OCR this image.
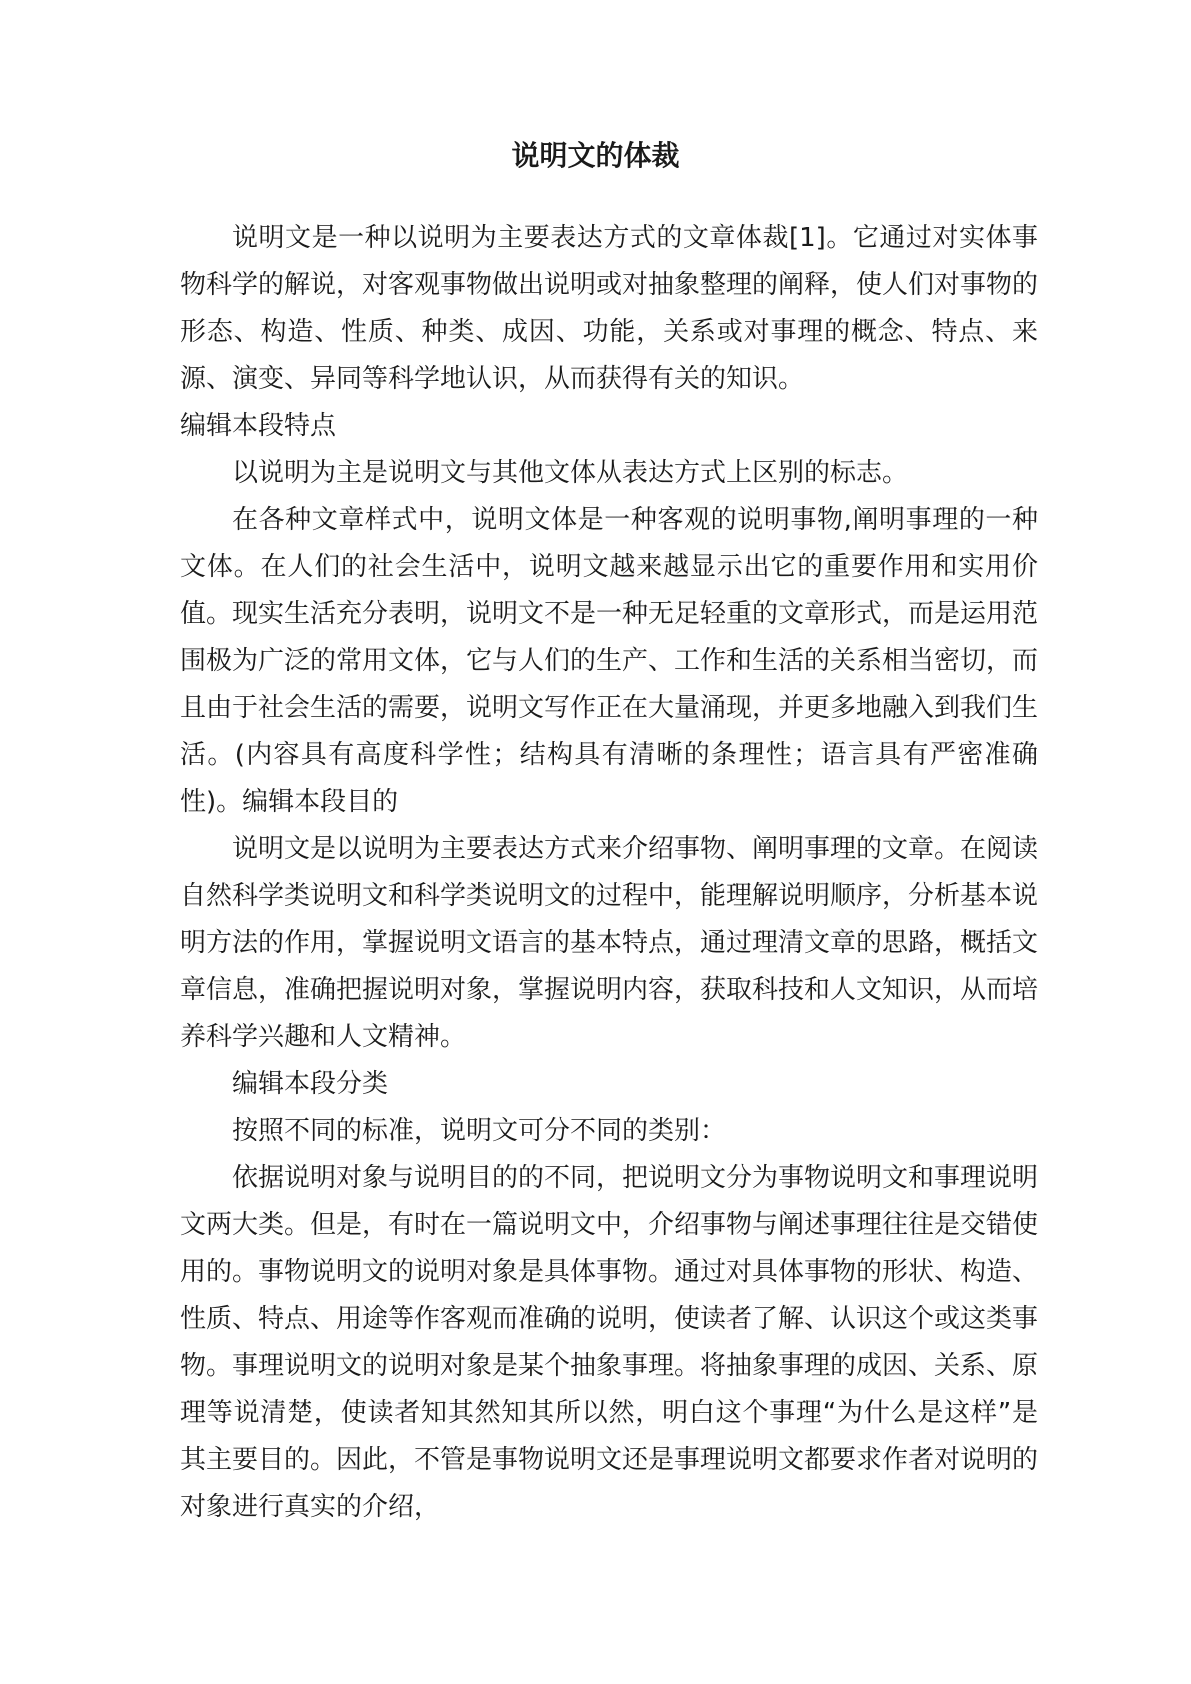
说明文的体裁

说明文是一种以说明为主要表达方式的文章体裁[1]。它通过对实体事物科学的解说，对客观事物做出说明或对抽象整理的阐释，使人们对事物的形态、构造、性质、种类、成因、功能，关系或对事理的概念、特点、来源、演变、异同等科学地认识，从而获得有关的知识。

编辑本段特点

以说明为主是说明文与其他文体从表达方式上区别的标志。

在各种文章样式中，说明文体是一种客观的说明事物,阐明事理的一种文体。在人们的社会生活中，说明文越来越显示出它的重要作用和实用价值。现实生活充分表明，说明文不是一种无足轻重的文章形式，而是运用范围极为广泛的常用文体，它与人们的生产、工作和生活的关系相当密切，而且由于社会生活的需要，说明文写作正在大量涌现，并更多地融入到我们生活。(内容具有高度科学性；结构具有清晰的条理性；语言具有严密准确性)。编辑本段目的

说明文是以说明为主要表达方式来介绍事物、阐明事理的文章。在阅读自然科学类说明文和科学类说明文的过程中，能理解说明顺序，分析基本说明方法的作用，掌握说明文语言的基本特点，通过理清文章的思路，概括文章信息，准确把握说明对象，掌握说明内容，获取科技和人文知识，从而培养科学兴趣和人文精神。

编辑本段分类

按照不同的标准，说明文可分不同的类别：

依据说明对象与说明目的的不同，把说明文分为事物说明文和事理说明文两大类。但是，有时在一篇说明文中，介绍事物与阐述事理往往是交错使用的。事物说明文的说明对象是具体事物。通过对具体事物的形状、构造、性质、特点、用途等作客观而准确的说明，使读者了解、认识这个或这类事物。事理说明文的说明对象是某个抽象事理。将抽象事理的成因、关系、原理等说清楚，使读者知其然知其所以然，明白这个事理“为什么是这样”是其主要目的。因此，不管是事物说明文还是事理说明文都要求作者对说明的对象进行真实的介绍，
